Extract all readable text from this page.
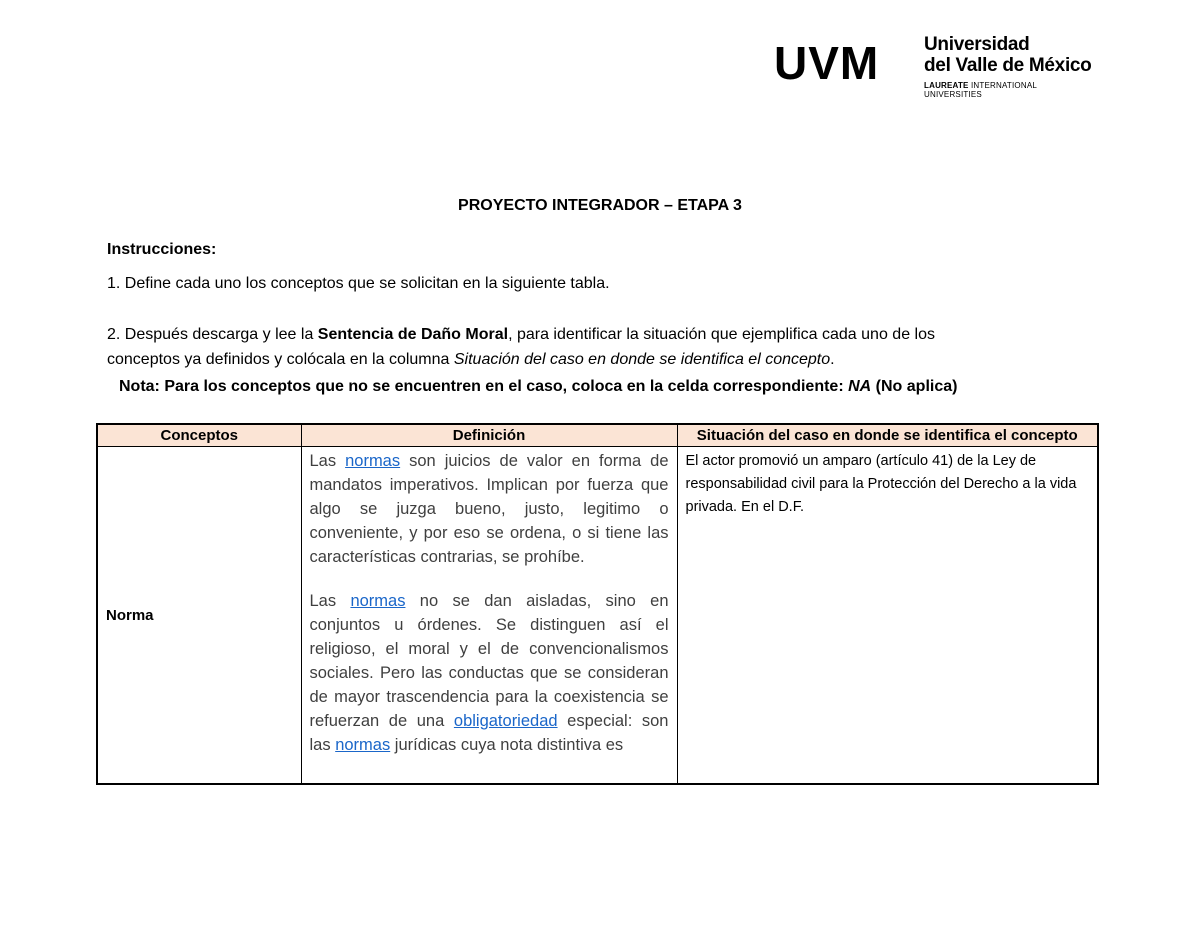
UVM Universidad
del Valle de México
LAUREATE INTERNATIONAL UNIVERSITIES
PROYECTO INTEGRADOR – ETAPA 3
Instrucciones:
1. Define cada uno los conceptos que se solicitan en la siguiente tabla.
2. Después descarga y lee la Sentencia de Daño Moral, para identificar la situación que ejemplifica cada uno de los
conceptos ya definidos y colócala en la columna Situación del caso en donde se identifica el concepto.
Nota: Para los conceptos que no se encuentren en el caso, coloca en la celda correspondiente: NA (No aplica)
Conceptos	Definición	Situación del caso en donde se identifica el concepto
Norma	Las normas son juicios de valor en forma de mandatos imperativos. Implican por fuerza que algo se juzga bueno, justo, legitimo o conveniente, y por eso se ordena, o si tiene las características contrarias, se prohíbe.

Las normas no se dan aisladas, sino en conjuntos u órdenes. Se distinguen así el religioso, el moral y el de convencionalismos sociales. Pero las conductas que se consideran de mayor trascendencia para la coexistencia se refuerzan de una obligatoriedad especial: son las normas jurídicas cuya nota distintiva es	El actor promovió un amparo (artículo 41) de la Ley de responsabilidad civil para la Protección del Derecho a la vida privada. En el D.F.
